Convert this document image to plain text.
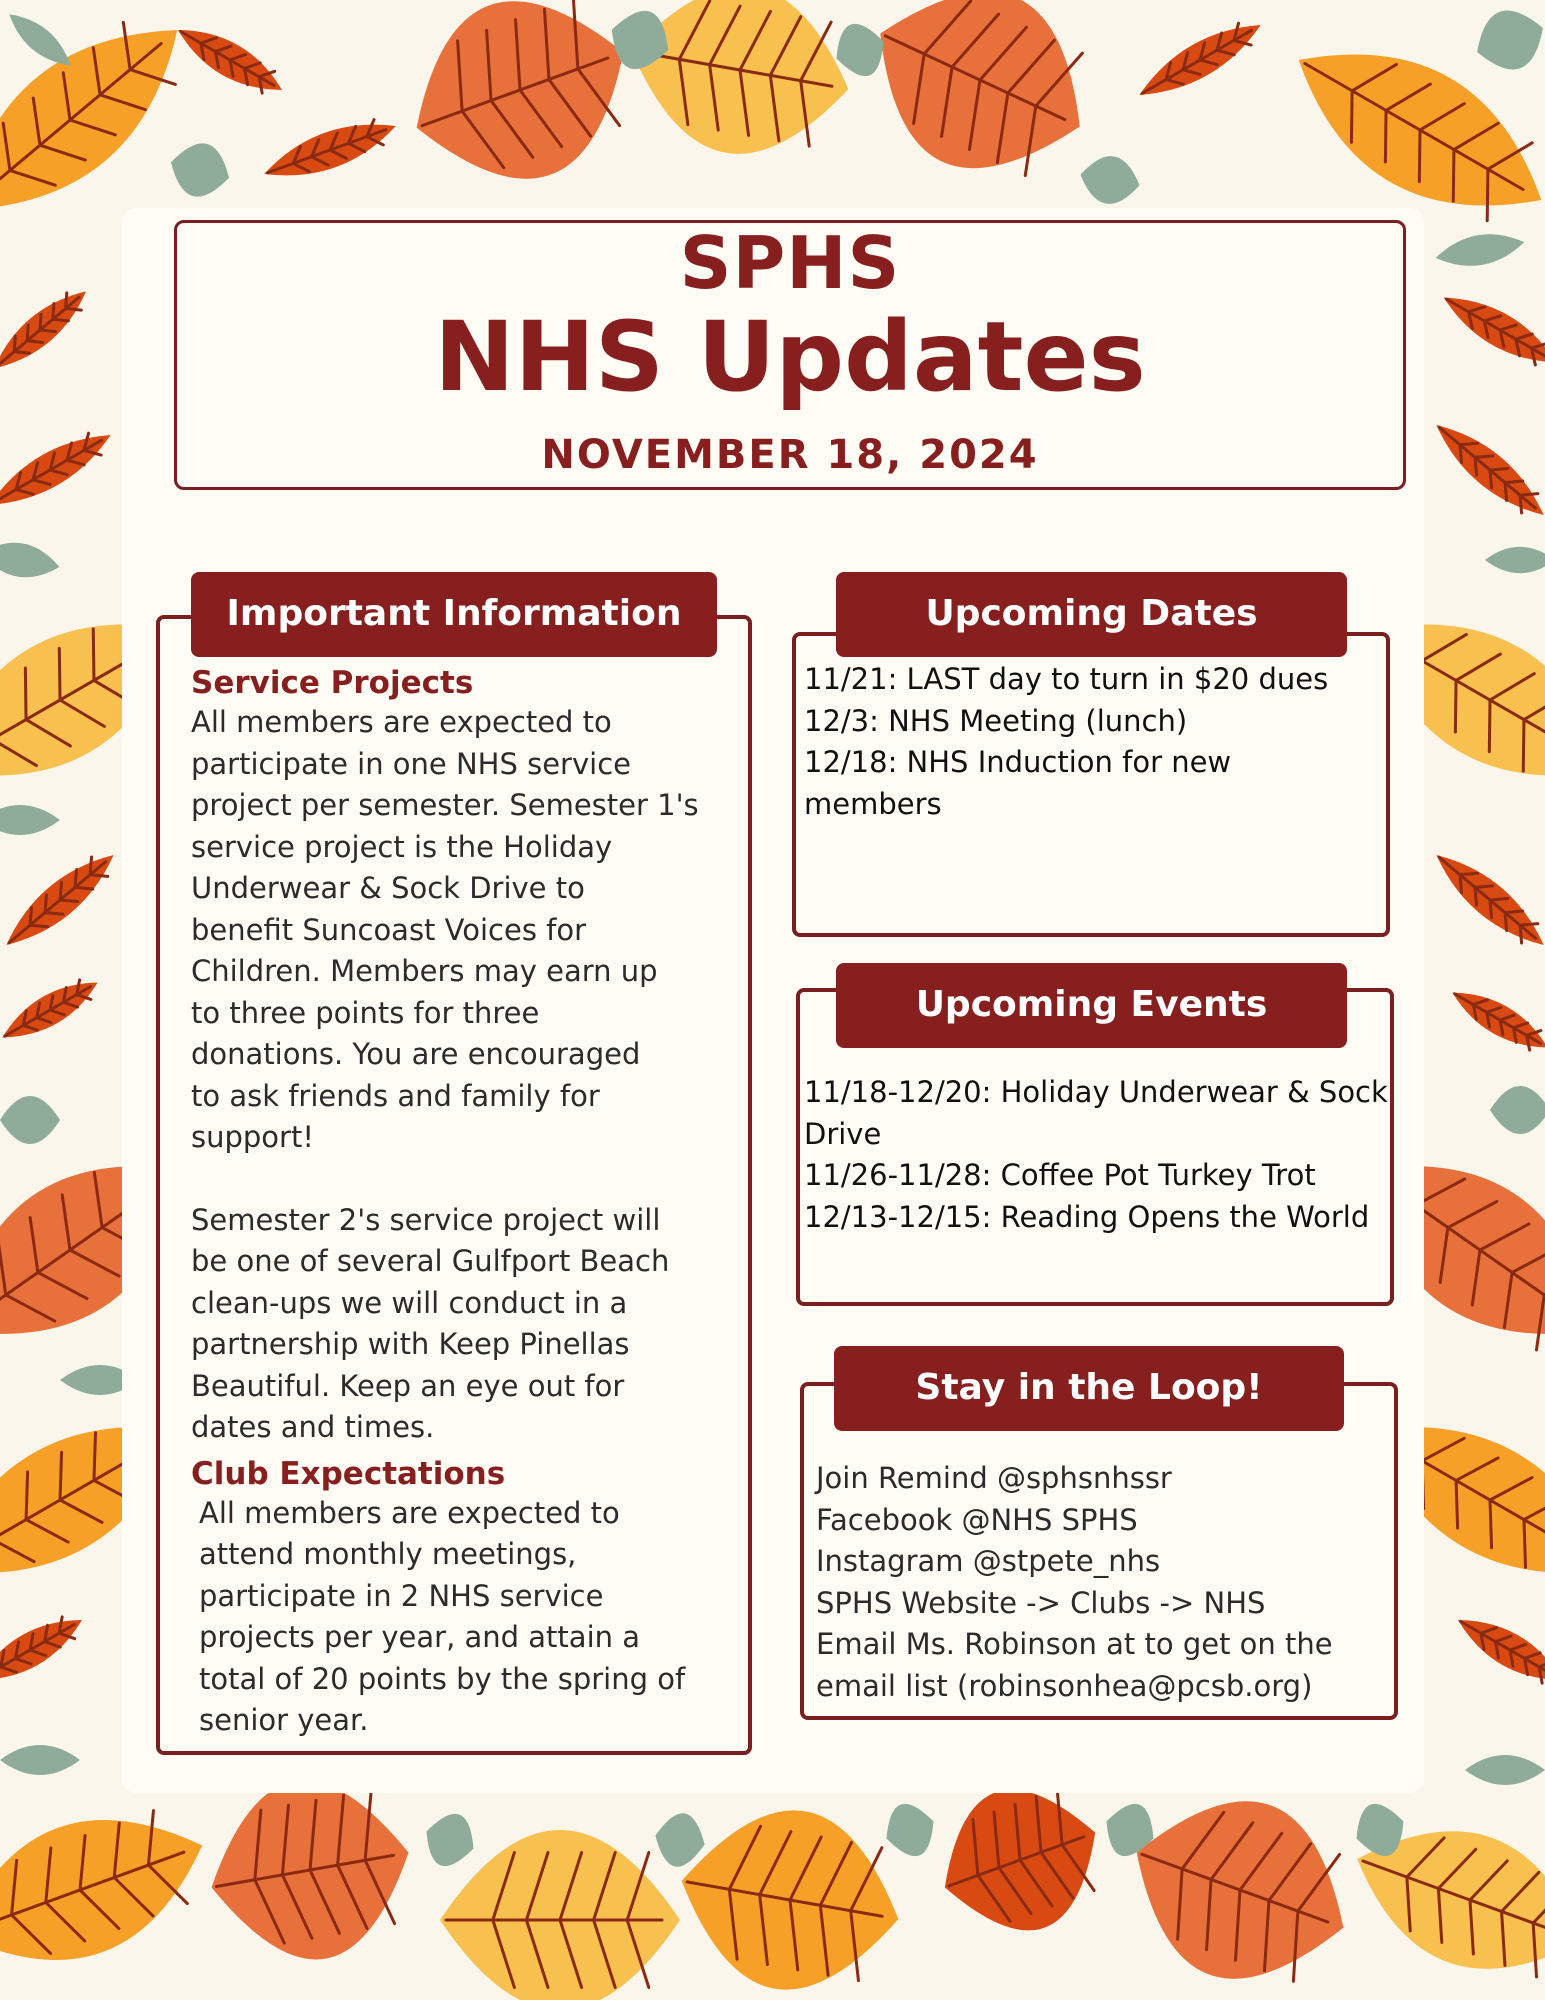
SPHS
NHS Updates
NOVEMBER 18, 2024
Important Information
Service Projects
All members are expected to
participate in one NHS service
project per semester. Semester 1's
service project is the Holiday
Underwear & Sock Drive to
benefit Suncoast Voices for
Children. Members may earn up
to three points for three
donations. You are encouraged
to ask friends and family for
support!
Semester 2's service project will
be one of several Gulfport Beach
clean-ups we will conduct in a
partnership with Keep Pinellas
Beautiful. Keep an eye out for
dates and times.
Club Expectations
All members are expected to
attend monthly meetings,
participate in 2 NHS service
projects per year, and attain a
total of 20 points by the spring of
senior year.
Upcoming Dates
11/21: LAST day to turn in $20 dues
12/3: NHS Meeting (lunch)
12/18: NHS Induction for new
members
Upcoming Events
11/18-12/20: Holiday Underwear & Sock
Drive
11/26-11/28: Coffee Pot Turkey Trot
12/13-12/15: Reading Opens the World
Stay in the Loop!
Join Remind @sphsnhssr
Facebook @NHS SPHS
Instagram @stpete_nhs
SPHS Website -> Clubs -> NHS
Email Ms. Robinson at to get on the
email list (robinsonhea@pcsb.org)
